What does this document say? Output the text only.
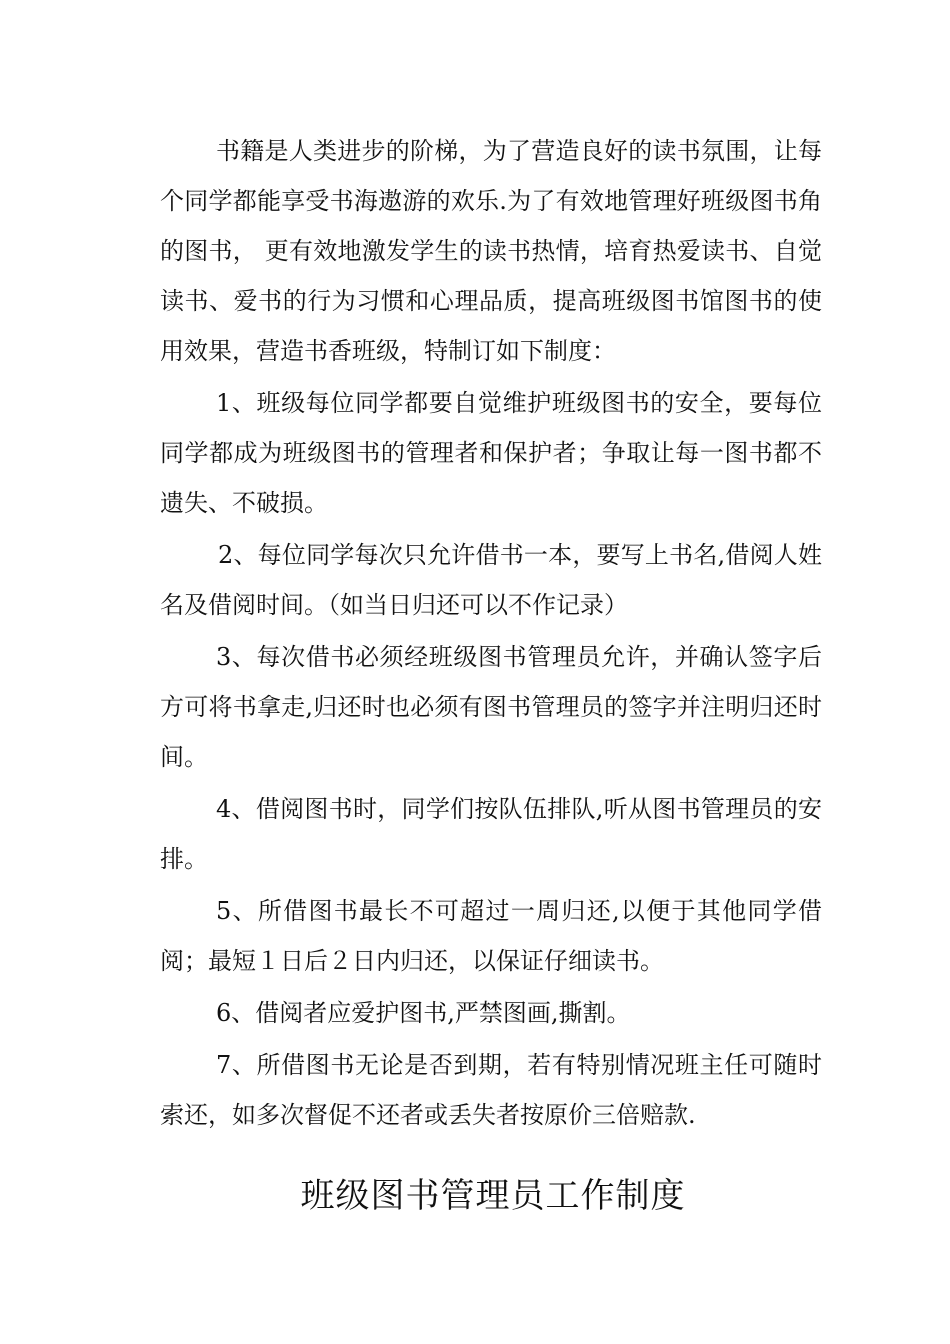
书籍是人类进步的阶梯，为了营造良好的读书氛围，让每个同学都能享受书海遨游的欢乐.为了有效地管理好班级图书角的图书， 更有效地激发学生的读书热情，培育热爱读书、自觉读书、爱书的行为习惯和心理品质，提高班级图书馆图书的使用效果，营造书香班级，特制订如下制度：

1、班级每位同学都要自觉维护班级图书的安全，要每位同学都成为班级图书的管理者和保护者；争取让每一图书都不遗失、不破损。

2、每位同学每次只允许借书一本，要写上书名,借阅人姓名及借阅时间。（如当日归还可以不作记录）

3、每次借书必须经班级图书管理员允许，并确认签字后方可将书拿走,归还时也必须有图书管理员的签字并注明归还时间。

4、借阅图书时，同学们按队伍排队,听从图书管理员的安排。

5、所借图书最长不可超过一周归还,以便于其他同学借阅；最短１日后２日内归还，以保证仔细读书。

6、借阅者应爱护图书,严禁图画,撕割。

7、所借图书无论是否到期，若有特别情况班主任可随时索还，如多次督促不还者或丢失者按原价三倍赔款.

班级图书管理员工作制度
